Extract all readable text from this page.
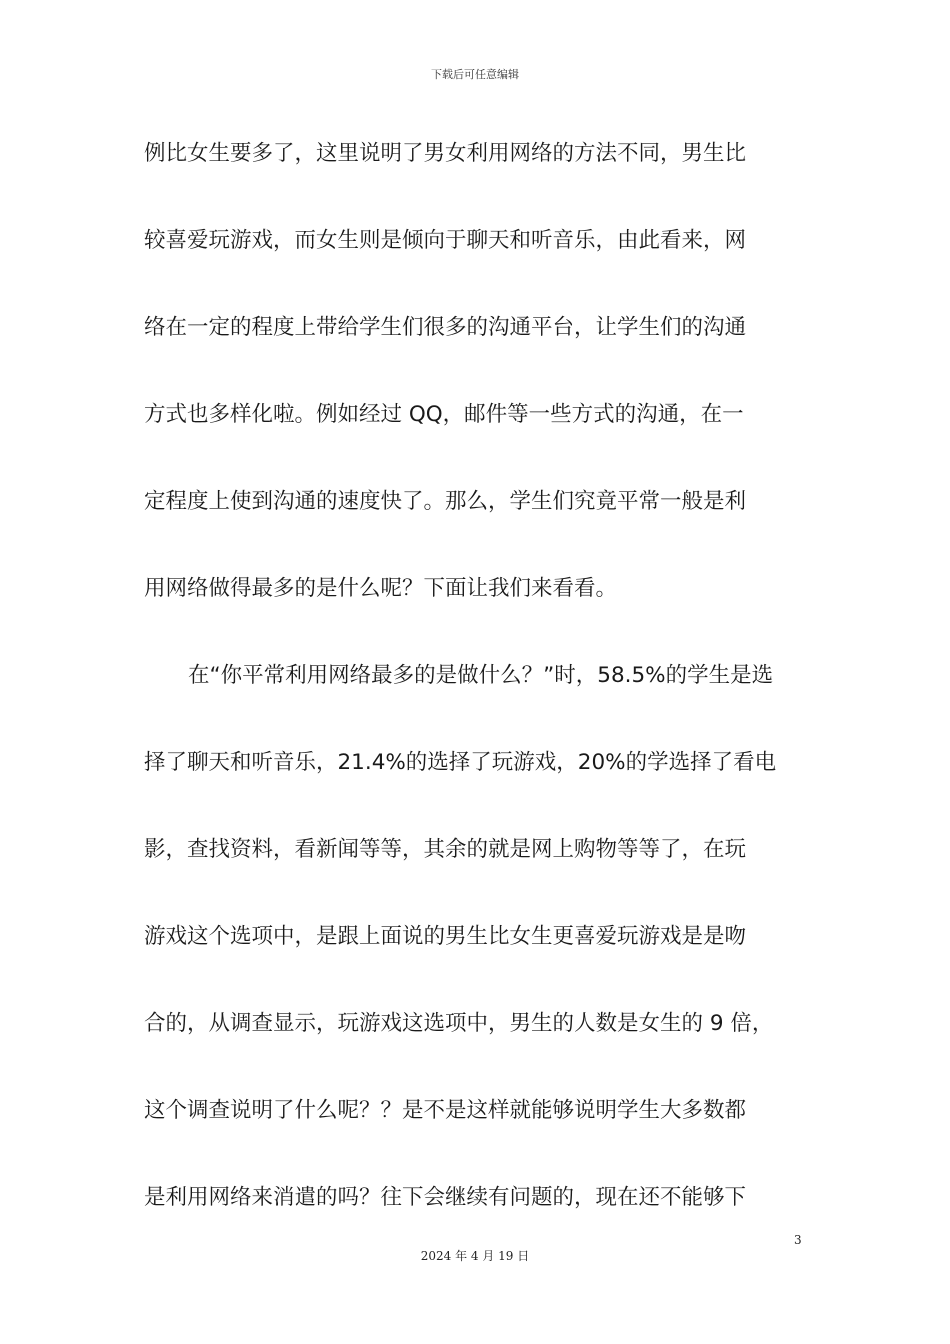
下载后可任意编辑
例比女生要多了，这里说明了男女利用网络的方法不同，男生比
较喜爱玩游戏，而女生则是倾向于聊天和听音乐，由此看来，网
络在一定的程度上带给学生们很多的沟通平台，让学生们的沟通
方式也多样化啦。例如经过 QQ，邮件等一些方式的沟通，在一
定程度上使到沟通的速度快了。那么，学生们究竟平常一般是利
用网络做得最多的是什么呢？下面让我们来看看。
在“你平常利用网络最多的是做什么？”时，58.5%的学生是选
择了聊天和听音乐，21.4%的选择了玩游戏，20%的学选择了看电
影，查找资料，看新闻等等，其余的就是网上购物等等了，在玩
游戏这个选项中，是跟上面说的男生比女生更喜爱玩游戏是是吻
合的，从调查显示，玩游戏这选项中，男生的人数是女生的 9 倍，
这个调查说明了什么呢？？是不是这样就能够说明学生大多数都
是利用网络来消遣的吗？往下会继续有问题的，现在还不能够下
3
2024 年 4 月 19 日
